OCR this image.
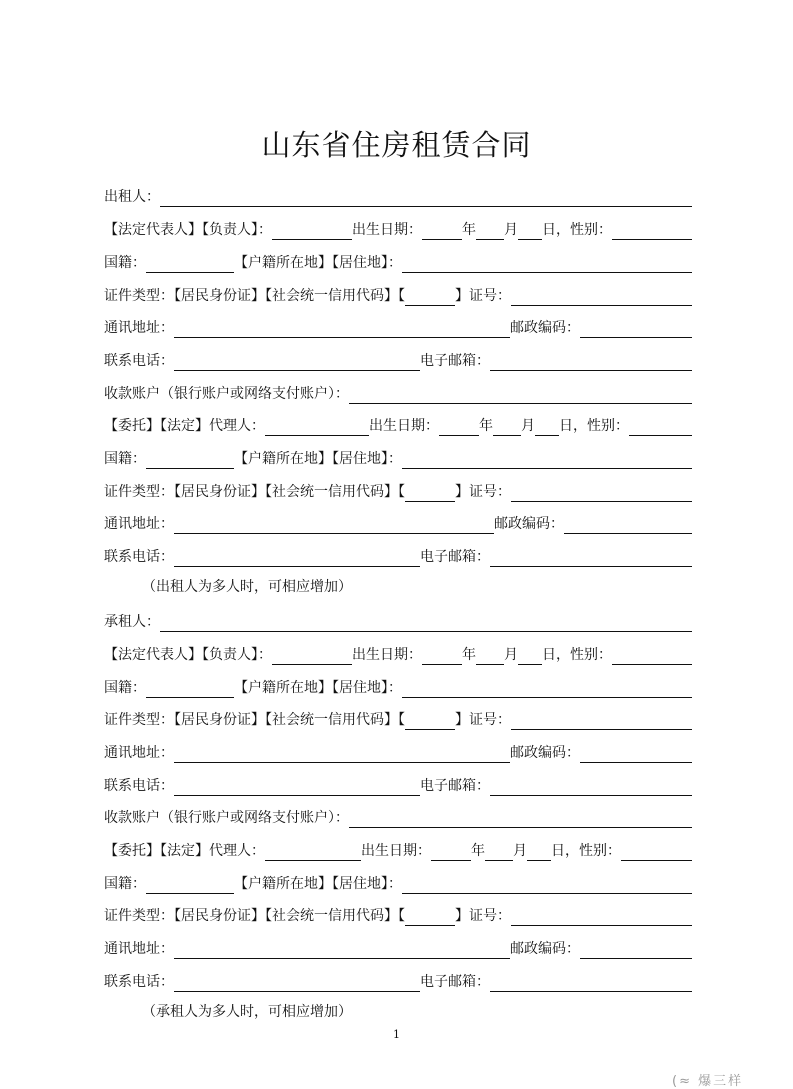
山东省住房租赁合同
出租人：
【法定代表人】【负责人】：	出生日期：	年 月 日，性别：
国籍：	【户籍所在地】【居住地】：
证件类型：【居民身份证】【社会统一信用代码】【	】证号：
通讯地址：	邮政编码：
联系电话：	电子邮箱：
收款账户（银行账户或网络支付账户）：
【委托】【法定】代理人：	出生日期：	年 月 日，性别：
国籍：	【户籍所在地】【居住地】：
证件类型：【居民身份证】【社会统一信用代码】【	】证号：
通讯地址：	邮政编码：
联系电话：	电子邮箱：
承租人：
【法定代表人】【负责人】：	出生日期：	年 月 日，性别：
国籍：	【户籍所在地】【居住地】：
证件类型：【居民身份证】【社会统一信用代码】【	】证号：
通讯地址：	邮政编码：
联系电话：	电子邮箱：
收款账户（银行账户或网络支付账户）：
【委托】【法定】代理人：	出生日期：	年 月 日，性别：
国籍：	【户籍所在地】【居住地】：
证件类型：【居民身份证】【社会统一信用代码】【	】证号：
通讯地址：	邮政编码：
联系电话：	电子邮箱：
（出租人为多人时，可相应增加）
（承租人为多人时，可相应增加）
1
(≈ 爆三样
